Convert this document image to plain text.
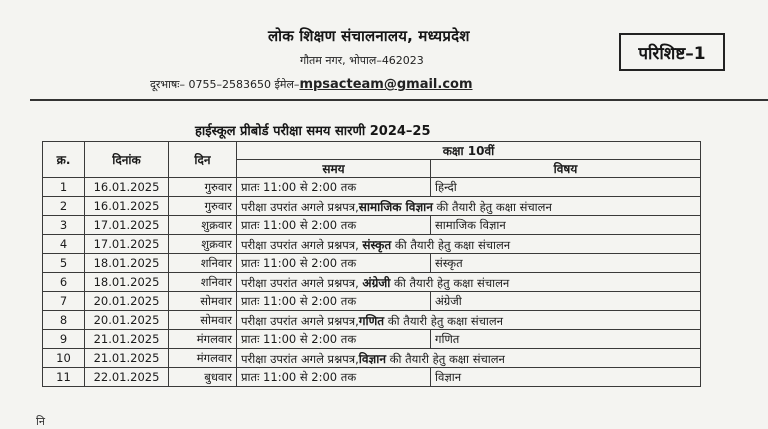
लोक शिक्षण संचालनालय, मध्यप्रदेश
गौतम नगर, भोपाल–462023
दूरभाषः– 0755–2583650 ईमेल–mpsacteam@gmail.com
परिशिष्ट–1
हाईस्कूल प्रीबोर्ड परीक्षा समय सारणी 2024–25
क्र.	दिनांक	दिन	कक्षा 10वीं	
			समय	विषय
1	16.01.2025	गुरुवार	प्रातः 11:00 से 2:00 तक	हिन्दी
2	16.01.2025	गुरुवार	परीक्षा उपरांत अगले प्रश्नपत्र,सामाजिक विज्ञान की तैयारी हेतु कक्षा संचालन	
3	17.01.2025	शुक्रवार	प्रातः 11:00 से 2:00 तक	सामाजिक विज्ञान
4	17.01.2025	शुक्रवार	परीक्षा उपरांत अगले प्रश्नपत्र, संस्कृत की तैयारी हेतु कक्षा संचालन	
5	18.01.2025	शनिवार	प्रातः 11:00 से 2:00 तक	संस्कृत
6	18.01.2025	शनिवार	परीक्षा उपरांत अगले प्रश्नपत्र, अंग्रेजी की तैयारी हेतु कक्षा संचालन	
7	20.01.2025	सोमवार	प्रातः 11:00 से 2:00 तक	अंग्रेजी
8	20.01.2025	सोमवार	परीक्षा उपरांत अगले प्रश्नपत्र,गणित की तैयारी हेतु कक्षा संचालन	
9	21.01.2025	मंगलवार	प्रातः 11:00 से 2:00 तक	गणित
10	21.01.2025	मंगलवार	परीक्षा उपरांत अगले प्रश्नपत्र,विज्ञान की तैयारी हेतु कक्षा संचालन	
11	22.01.2025	बुधवार	प्रातः 11:00 से 2:00 तक	विज्ञान
नि
